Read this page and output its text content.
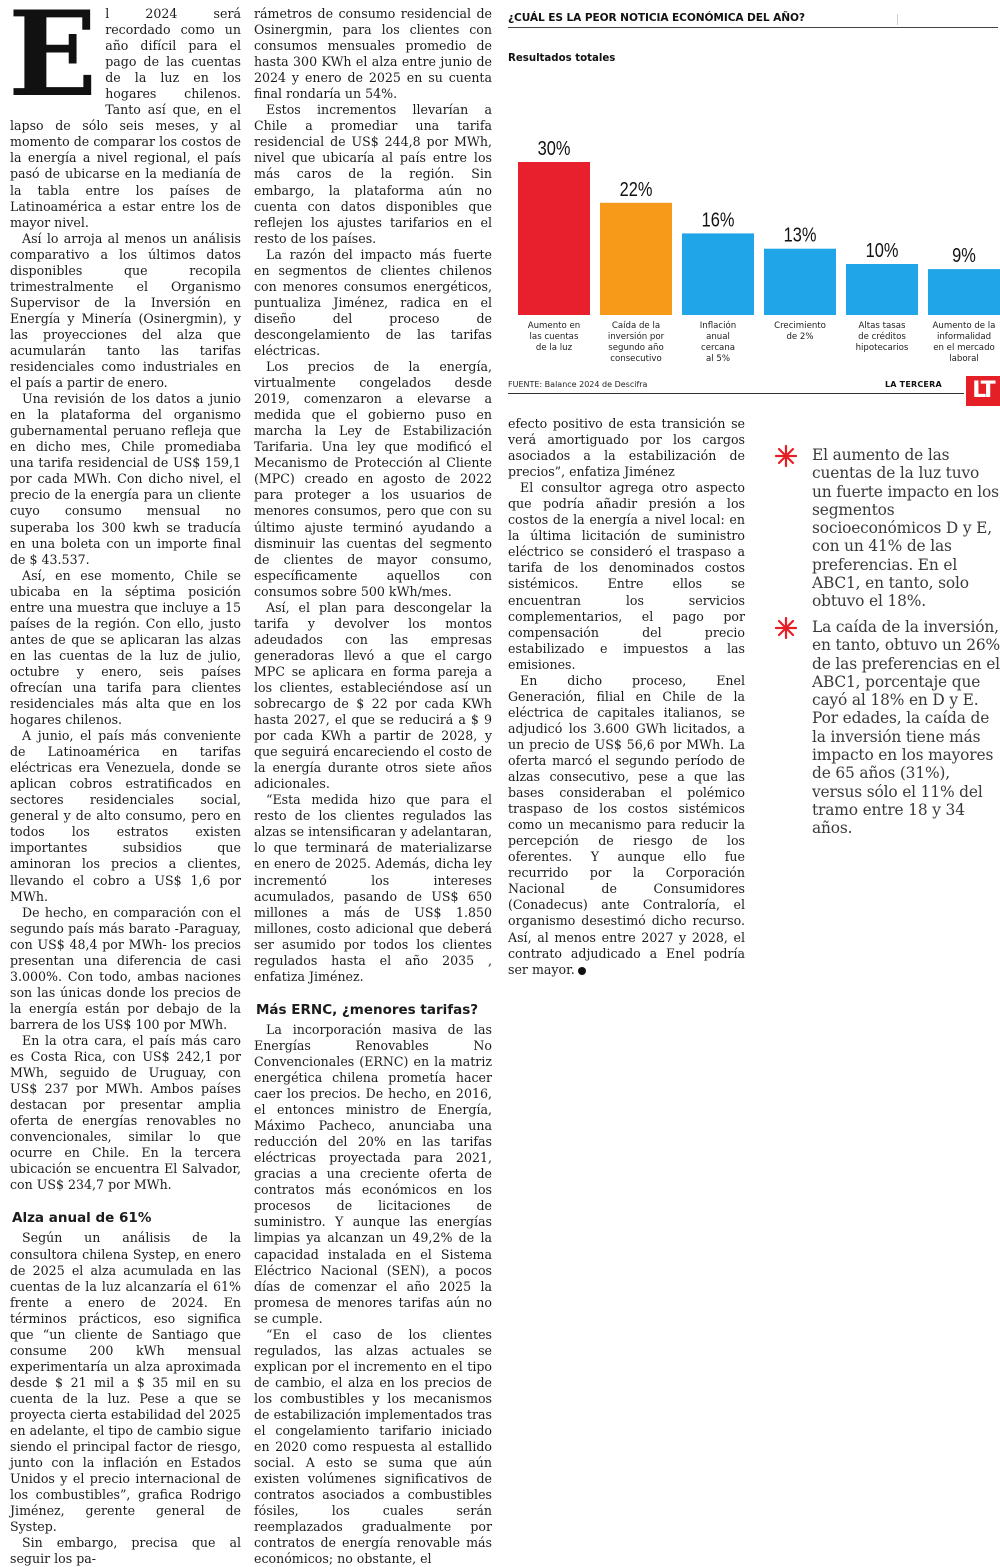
E l 2024 será recordado como un año difícil para el pago de las cuentas de la luz en los hogares chilenos. Tanto así que, en el lapso de sólo seis meses, y al momento de comparar los costos de la energía a nivel regional, el país pasó de ubicarse en la medianía de la tabla entre los países de Latinoamérica a estar entre los de mayor nivel.

Así lo arroja al menos un análisis comparativo a los últimos datos disponibles que recopila trimestralmente el Organismo Supervisor de la Inversión en Energía y Minería (Osinergmin), y las proyecciones del alza que acumularán tanto las tarifas residenciales como industriales en el país a partir de enero.

Una revisión de los datos a junio en la plataforma del organismo gubernamental peruano refleja que en dicho mes, Chile promediaba una tarifa residencial de US$ 159,1 por cada MWh. Con dicho nivel, el precio de la energía para un cliente cuyo consumo mensual no superaba los 300 kwh se traducía en una boleta con un importe final de $ 43.537.

Así, en ese momento, Chile se ubicaba en la séptima posición entre una muestra que incluye a 15 países de la región. Con ello, justo antes de que se aplicaran las alzas en las cuentas de la luz de julio, octubre y enero, seis países ofrecían una tarifa para clientes residenciales más alta que en los hogares chilenos.

A junio, el país más conveniente de Latinoamérica en tarifas eléctricas era Venezuela, donde se aplican cobros estratificados en sectores residenciales social, general y de alto consumo, pero en todos los estratos existen importantes subsidios que aminoran los precios a clientes, llevando el cobro a US$ 1,6 por MWh.

De hecho, en comparación con el segundo país más barato -Paraguay, con US$ 48,4 por MWh- los precios presentan una diferencia de casi 3.000%. Con todo, ambas naciones son las únicas donde los precios de la energía están por debajo de la barrera de los US$ 100 por MWh.

En la otra cara, el país más caro es Costa Rica, con US$ 242,1 por MWh, seguido de Uruguay, con US$ 237 por MWh. Ambos países destacan por presentar amplia oferta de energías renovables no convencionales, similar lo que ocurre en Chile. En la tercera ubicación se encuentra El Salvador, con US$ 234,7 por MWh.

Alza anual de 61%

Según un análisis de la consultora chilena Systep, en enero de 2025 el alza acumulada en las cuentas de la luz alcanzaría el 61% frente a enero de 2024. En términos prácticos, eso significa que “un cliente de Santiago que consume 200 kWh mensual experimentaría un alza aproximada desde $ 21 mil a $ 35 mil en su cuenta de la luz. Pese a que se proyecta cierta estabilidad del 2025 en adelante, el tipo de cambio sigue siendo el principal factor de riesgo, junto con la inflación en Estados Unidos y el precio internacional de los combustibles”, grafica Rodrigo Jiménez, gerente general de Systep.

Sin embargo, precisa que al seguir los pa-

rámetros de consumo residencial de Osinergmin, para los clientes con consumos mensuales promedio de hasta 300 KWh el alza entre junio de 2024 y enero de 2025 en su cuenta final rondaría un 54%.

Estos incrementos llevarían a Chile a promediar una tarifa residencial de US$ 244,8 por MWh, nivel que ubicaría al país entre los más caros de la región. Sin embargo, la plataforma aún no cuenta con datos disponibles que reflejen los ajustes tarifarios en el resto de los países.

La razón del impacto más fuerte en segmentos de clientes chilenos con menores consumos energéticos, puntualiza Jiménez, radica en el diseño del proceso de descongelamiento de las tarifas eléctricas.

Los precios de la energía, virtualmente congelados desde 2019, comenzaron a elevarse a medida que el gobierno puso en marcha la Ley de Estabilización Tarifaria. Una ley que modificó el Mecanismo de Protección al Cliente (MPC) creado en agosto de 2022 para proteger a los usuarios de menores consumos, pero que con su último ajuste terminó ayudando a disminuir las cuentas del segmento de clientes de mayor consumo, específicamente aquellos con consumos sobre 500 kWh/mes.

Así, el plan para descongelar la tarifa y devolver los montos adeudados con las empresas generadoras llevó a que el cargo MPC se aplicara en forma pareja a los clientes, estableciéndose así un sobrecargo de $ 22 por cada KWh hasta 2027, el que se reducirá a $ 9 por cada KWh a partir de 2028, y que seguirá encareciendo el costo de la energía durante otros siete años adicionales.

“Esta medida hizo que para el resto de los clientes regulados las alzas se intensificaran y adelantaran, lo que terminará de materializarse en enero de 2025. Además, dicha ley incrementó los intereses acumulados, pasando de US$ 650 millones a más de US$ 1.850 millones, costo adicional que deberá ser asumido por todos los clientes regulados hasta el año 2035 , enfatiza Jiménez.

Más ERNC, ¿menores tarifas?

La incorporación masiva de las Energías Renovables No Convencionales (ERNC) en la matriz energética chilena prometía hacer caer los precios. De hecho, en 2016, el entonces ministro de Energía, Máximo Pacheco, anunciaba una reducción del 20% en las tarifas eléctricas proyectada para 2021, gracias a una creciente oferta de contratos más económicos en los procesos de licitaciones de suministro. Y aunque las energías limpias ya alcanzan un 49,2% de la capacidad instalada en el Sistema Eléctrico Nacional (SEN), a pocos días de comenzar el año 2025 la promesa de menores tarifas aún no se cumple.

“En el caso de los clientes regulados, las alzas actuales se explican por el incremento en el tipo de cambio, el alza en los precios de los combustibles y los mecanismos de estabilización implementados tras el congelamiento tarifario iniciado en 2020 como respuesta al estallido social. A esto se suma que aún existen volúmenes significativos de contratos asociados a combustibles fósiles, los cuales serán reemplazados gradualmente por contratos de energía renovable más económicos; no obstante, el

efecto positivo de esta transición se verá amortiguado por los cargos asociados a la estabilización de precios”, enfatiza Jiménez

El consultor agrega otro aspecto que podría añadir presión a los costos de la energía a nivel local: en la última licitación de suministro eléctrico se consideró el traspaso a tarifa de los denominados costos sistémicos. Entre ellos se encuentran los servicios complementarios, el pago por compensación del precio estabilizado e impuestos a las emisiones.

En dicho proceso, Enel Generación, filial en Chile de la eléctrica de capitales italianos, se adjudicó los 3.600 GWh licitados, a un precio de US$ 56,6 por MWh. La oferta marcó el segundo período de alzas consecutivo, pese a que las bases consideraban el polémico traspaso de los costos sistémicos como un mecanismo para reducir la percepción de riesgo de los oferentes. Y aunque ello fue recurrido por la Corporación Nacional de Consumidores (Conadecus) ante Contraloría, el organismo desestimó dicho recurso. Así, al menos entre 2027 y 2028, el contrato adjudicado a Enel podría ser mayor.

¿CUÁL ES LA PEOR NOTICIA ECONÓMICA DEL AÑO?
Resultados totales
30%
Aumento en las cuentas de la luz
22%
Caída de la inversión por segundo año consecutivo
16%
Inflación anual cercana al 5%
13%
Crecimiento de 2%
10%
Altas tasas de créditos hipotecarios
9%
Aumento de la informalidad en el mercado laboral
FUENTE: Balance 2024 de Descifra	LA TERCERA LT
El aumento de las cuentas de la luz tuvo un fuerte impacto en los segmentos socioeconómicos D y E, con un 41% de las preferencias. En el ABC1, en tanto, solo obtuvo el 18%.
La caída de la inversión, en tanto, obtuvo un 26% de las preferencias en el ABC1, porcentaje que cayó al 18% en D y E. Por edades, la caída de la inversión tiene más impacto en los mayores de 65 años (31%), versus sólo el 11% del tramo entre 18 y 34 años.
